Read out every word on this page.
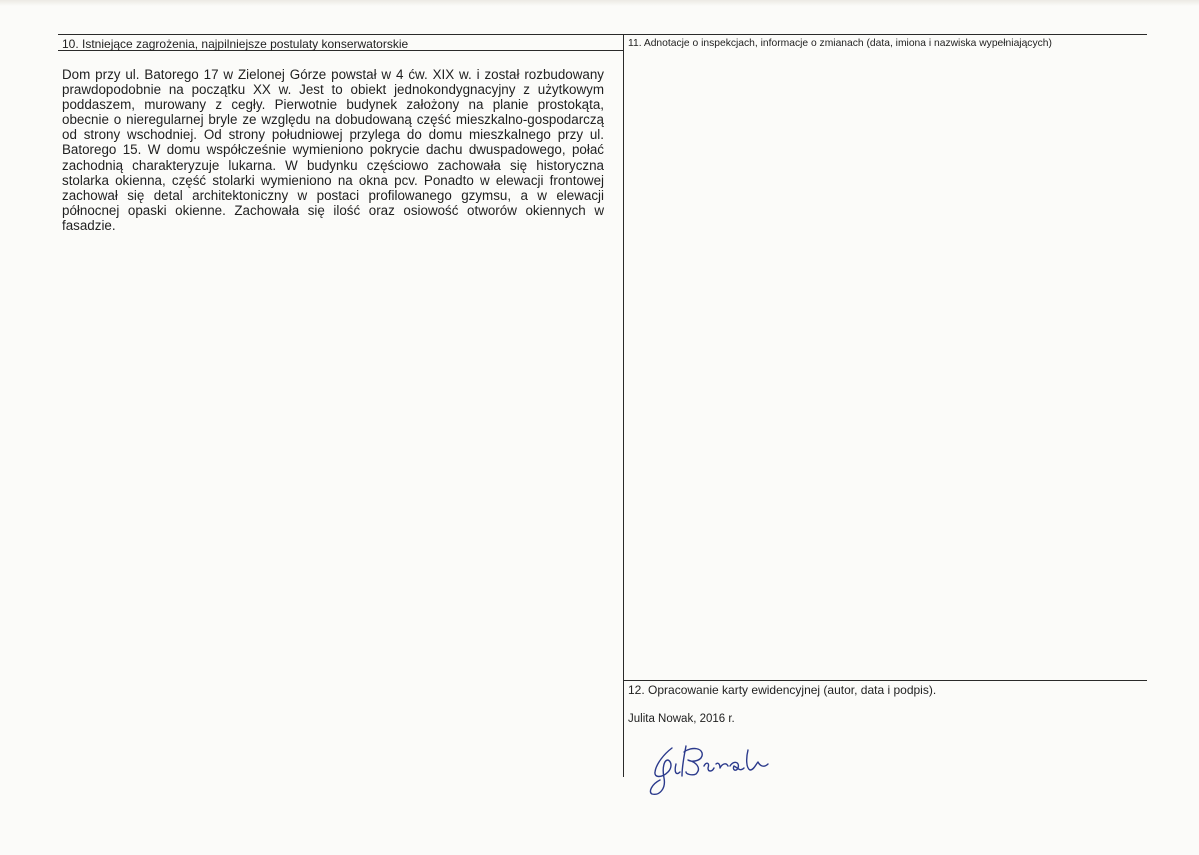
10. Istniejące zagrożenia, najpilniejsze postulaty konserwatorskie

Dom przy ul. Batorego 17 w Zielonej Górze powstał w 4 ćw. XIX w. i został rozbudowany prawdopodobnie na początku XX w. Jest to obiekt jednokondygnacyjny z użytkowym poddaszem, murowany z cegły. Pierwotnie budynek założony na planie prostokąta, obecnie o nieregularnej bryle ze względu na dobudowaną część mieszkalno-gospodarczą od strony wschodniej. Od strony południowej przylega do domu mieszkalnego przy ul. Batorego 15. W domu współcześnie wymieniono pokrycie dachu dwuspadowego, połać zachodnią charakteryzuje lukarna. W budynku częściowo zachowała się historyczna stolarka okienna, część stolarki wymieniono na okna pcv. Ponadto w elewacji frontowej zachował się detal architektoniczny w postaci profilowanego gzymsu, a w elewacji północnej opaski okienne. Zachowała się ilość oraz osiowość otworów okiennych w fasadzie.

11. Adnotacje o inspekcjach, informacje o zmianach (data, imiona i nazwiska wypełniających)
12. Opracowanie karty ewidencyjnej (autor, data i podpis).
Julita Nowak, 2016 r.
